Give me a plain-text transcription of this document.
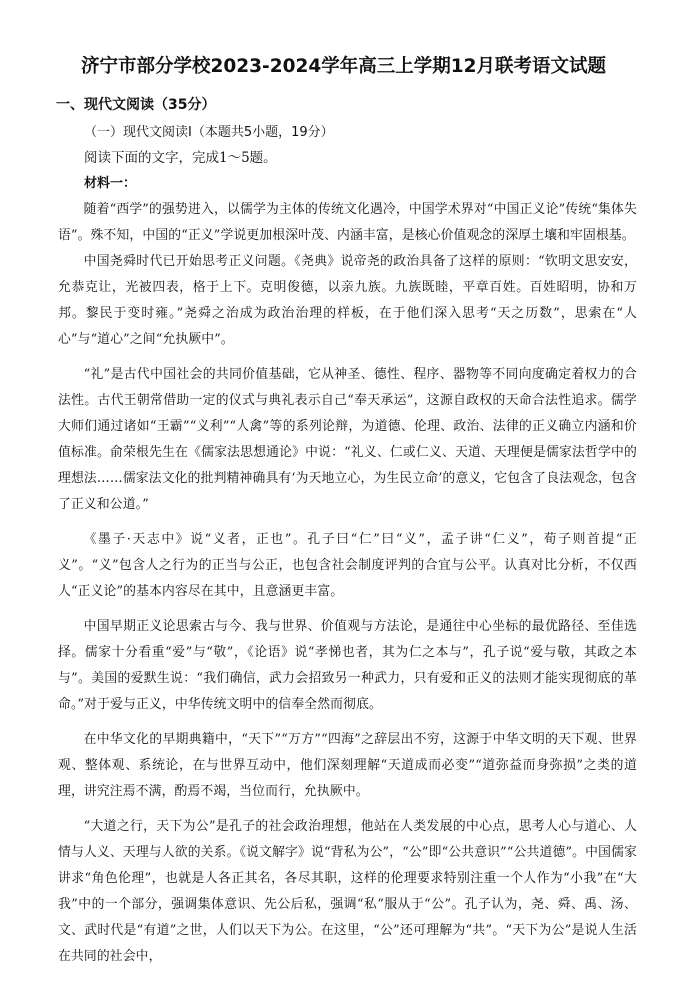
济宁市部分学校2023-2024学年高三上学期12月联考语文试题
一、现代文阅读（35分）
（一）现代文阅读Ⅰ（本题共5小题，19分）
阅读下面的文字，完成1～5题。
材料一：

随着“西学”的强势进入，以儒学为主体的传统文化遇冷，中国学术界对“中国正义论”传统“集体失语”。殊不知，中国的“正义”学说更加根深叶茂、内涵丰富，是核心价值观念的深厚土壤和牢固根基。

中国尧舜时代已开始思考正义问题。《尧典》说帝尧的政治具备了这样的原则：“钦明文思安安，允恭克让，光被四表，格于上下。克明俊德，以亲九族。九族既睦，平章百姓。百姓昭明，协和万邦。黎民于变时雍。”尧舜之治成为政治治理的样板，在于他们深入思考“天之历数”，思索在“人心”与“道心”之间“允执厥中”。

“礼”是古代中国社会的共同价值基础，它从神圣、德性、程序、器物等不同向度确定着权力的合法性。古代王朝常借助一定的仪式与典礼表示自己“奉天承运”，这源自政权的天命合法性追求。儒学大师们通过诸如“王霸”“义利”“人禽”等的系列论辩，为道德、伦理、政治、法律的正义确立内涵和价值标准。俞荣根先生在《儒家法思想通论》中说：“礼义、仁或仁义、天道、天理便是儒家法哲学中的理想法……儒家法文化的批判精神确具有‘为天地立心，为生民立命’的意义，它包含了良法观念，包含了正义和公道。”

《墨子·天志中》说“义者，正也”。孔子曰“仁”曰“义”，孟子讲“仁义”，荀子则首提“正义”。“义”包含人之行为的正当与公正，也包含社会制度评判的合宜与公平。认真对比分析，不仅西人“正义论”的基本内容尽在其中，且意涵更丰富。

中国早期正义论思索古与今、我与世界、价值观与方法论，是通往中心坐标的最优路径、至佳选择。儒家十分看重“爱”与“敬”，《论语》说“孝悌也者，其为仁之本与”，孔子说“爱与敬，其政之本与”。美国的爱默生说：“我们确信，武力会招致另一种武力，只有爱和正义的法则才能实现彻底的革命。”对于爱与正义，中华传统文明中的信奉全然而彻底。

在中华文化的早期典籍中，“天下”“万方”“四海”之辞层出不穷，这源于中华文明的天下观、世界观、整体观、系统论，在与世界互动中，他们深刻理解“天道成而必变”“道弥益而身弥损”之类的道理，讲究注焉不满，酌焉不竭，当位而行，允执厥中。

“大道之行，天下为公”是孔子的社会政治理想，他站在人类发展的中心点，思考人心与道心、人情与人义、天理与人欲的关系。《说文解字》说“背私为公”，“公”即“公共意识”“公共道德”。中国儒家讲求“角色伦理”，也就是人各正其名，各尽其职，这样的伦理要求特别注重一个人作为“小我”在“大我”中的一个部分，强调集体意识、先公后私，强调“私”服从于“公”。孔子认为，尧、舜、禹、汤、文、武时代是“有道”之世，人们以天下为公。在这里，“公”还可理解为“共”。“天下为公”是说人生活在共同的社会中，
